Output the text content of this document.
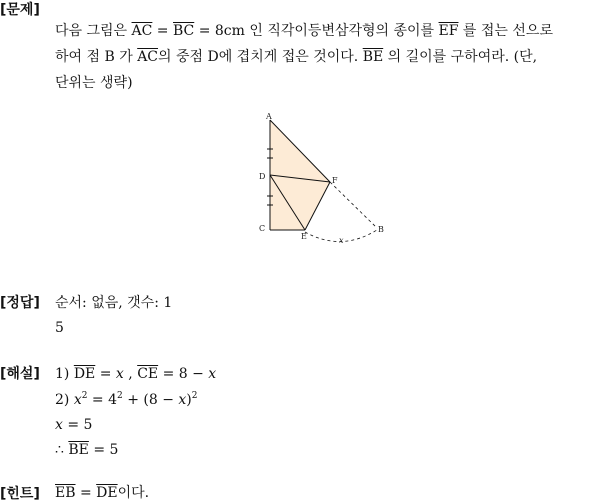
[문제]
다음 그림은 $\overline{AC} = \overline{BC} = 8cm$ 인 직각이등변삼각형의 종이를 $\overline{EF}$ 를 접는 선으로
하여 점 B 가 $\overline{AC}$의 중점 D에 겹치게 접은 것이다. $\overline{BE}$ 의 길이를 구하여라. (단,
단위는 생략)
A
D	F
C
E
B
x
[정답] 순서: 없음, 갯수: 1
5
[해설] 1) $\overline{DE} = x$ , $\overline{CE} = 8 - x$
2) $x^2 = 4^2 + (8 - x)^2$
x = 5
∴ $\overline{BE} = 5$
[힌트] $\overline{EB} = \overline{DE}$이다.
